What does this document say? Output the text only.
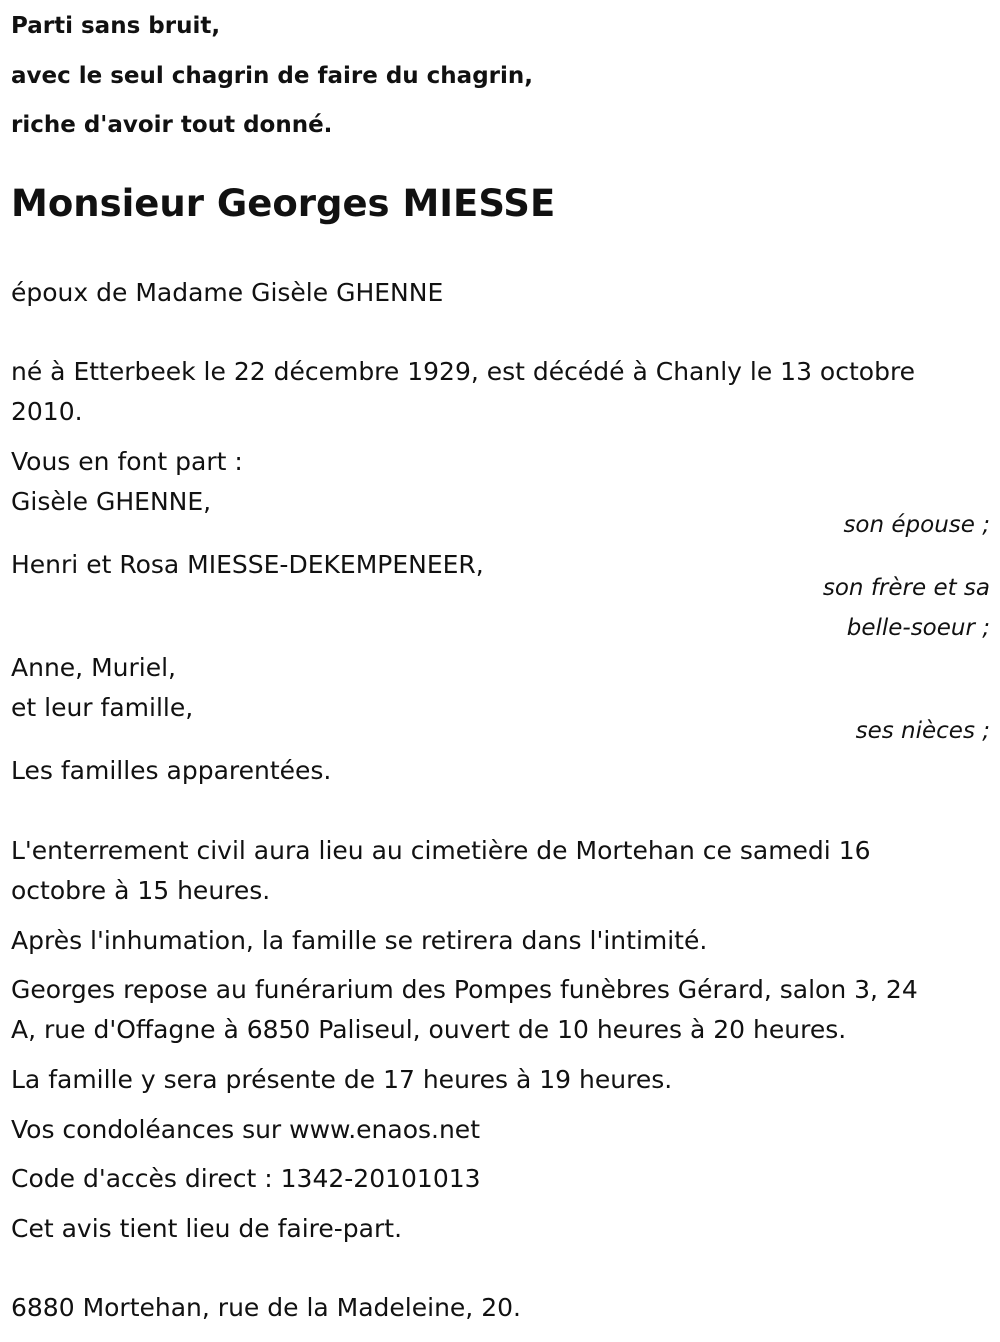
Parti sans bruit,
avec le seul chagrin de faire du chagrin,
riche d'avoir tout donné.
Monsieur Georges MIESSE
époux de Madame Gisèle GHENNE
né à Etterbeek le 22 décembre 1929, est décédé à Chanly le 13 octobre
2010.
Vous en font part :
Gisèle GHENNE,
son épouse ;
Henri et Rosa MIESSE-DEKEMPENEER,
son frère et sa
belle-soeur ;
Anne, Muriel,
et leur famille,
ses nièces ;
Les familles apparentées.
L'enterrement civil aura lieu au cimetière de Mortehan ce samedi 16
octobre à 15 heures.
Après l'inhumation, la famille se retirera dans l'intimité.
Georges repose au funérarium des Pompes funèbres Gérard, salon 3, 24
A, rue d'Offagne à 6850 Paliseul, ouvert de 10 heures à 20 heures.
La famille y sera présente de 17 heures à 19 heures.
Vos condoléances sur www.enaos.net
Code d'accès direct : 1342-20101013
Cet avis tient lieu de faire-part.
6880 Mortehan, rue de la Madeleine, 20.
